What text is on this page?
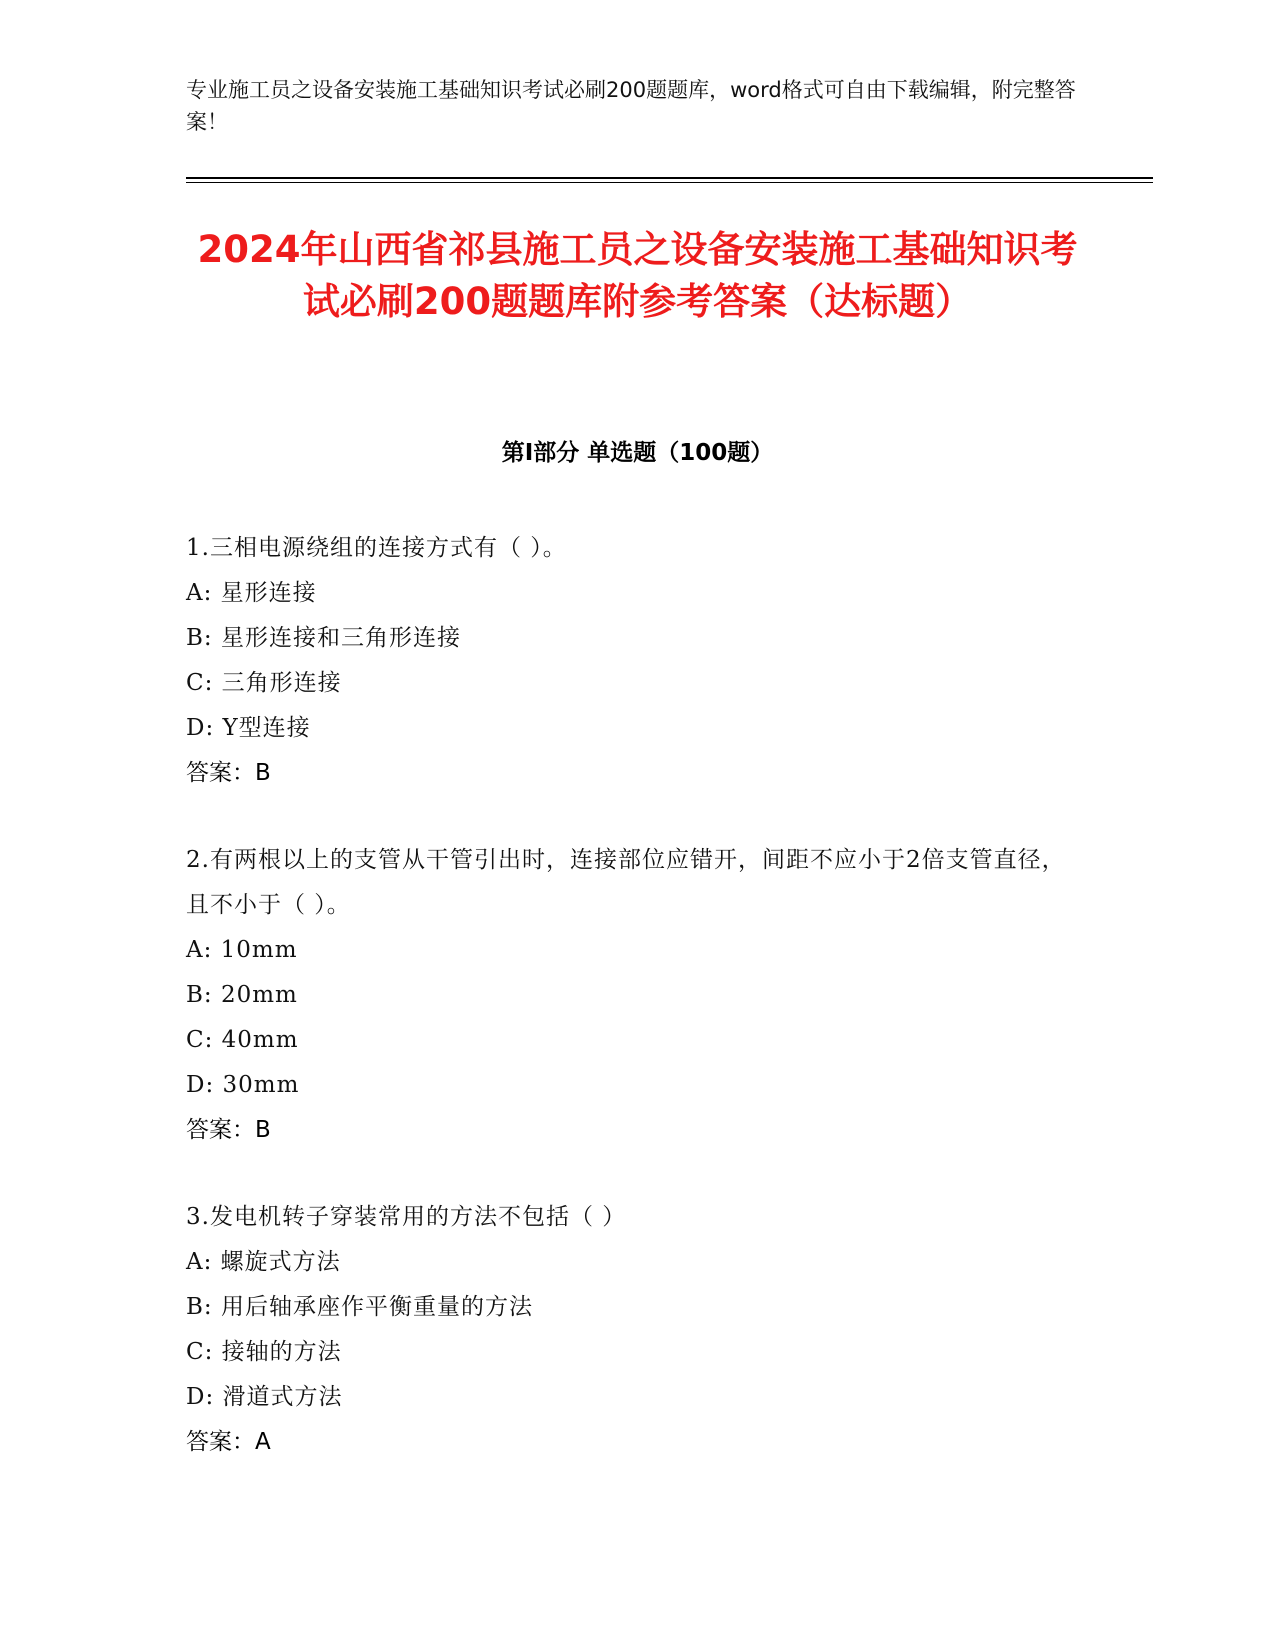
专业施工员之设备安装施工基础知识考试必刷200题题库，word格式可自由下载编辑，附完整答案！
2024年山西省祁县施工员之设备安装施工基础知识考试必刷200题题库附参考答案（达标题）
第I部分 单选题（100题）
1.三相电源绕组的连接方式有（ ）。
A: 星形连接
B: 星形连接和三角形连接
C: 三角形连接
D: Y型连接
答案：B
2.有两根以上的支管从干管引出时，连接部位应错开，间距不应小于2倍支管直径，且不小于（ ）。
A: 10mm
B: 20mm
C: 40mm
D: 30mm
答案：B
3.发电机转子穿装常用的方法不包括（ ）
A: 螺旋式方法
B: 用后轴承座作平衡重量的方法
C: 接轴的方法
D: 滑道式方法
答案：A
